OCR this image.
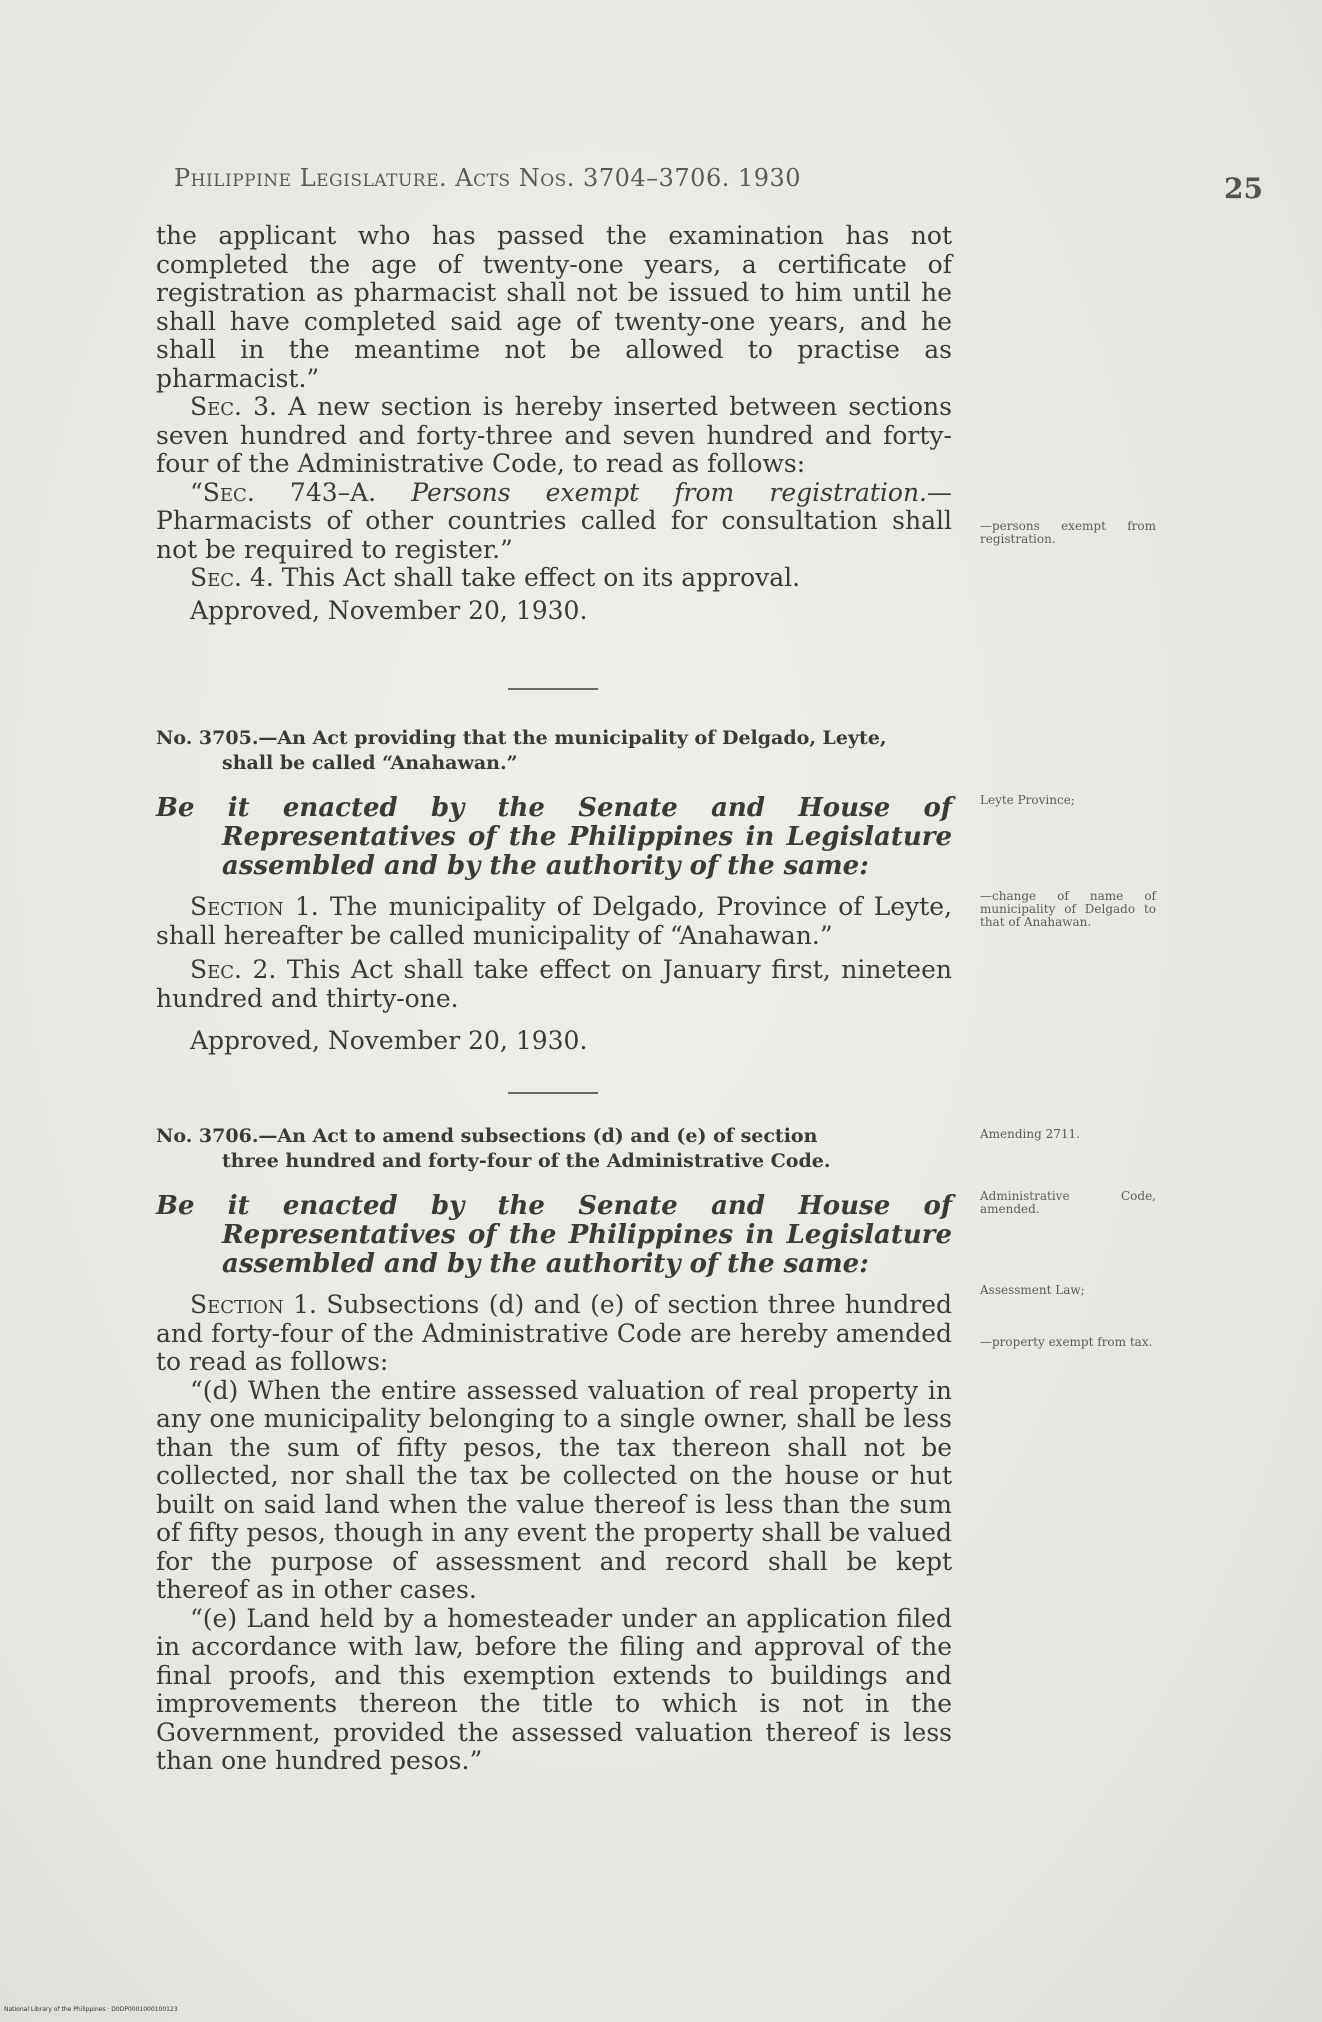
Philippine Legislature. Acts Nos. 3704–3706. 1930	25

the applicant who has passed the examination has not completed the age of twenty-one years, a certificate of registration as pharmacist shall not be issued to him until he shall have completed said age of twenty-one years, and he shall in the meantime not be allowed to practise as pharmacist.”

Sec. 3. A new section is hereby inserted between sections seven hundred and forty-three and seven hundred and forty-four of the Administrative Code, to read as follows:

“Sec. 743–A. Persons exempt from registration.—Pharmacists of other countries called for consultation shall not be required to register.”

Sec. 4. This Act shall take effect on its approval.

Approved, November 20, 1930.

No. 3705.—An Act providing that the municipality of Delgado, Leyte,
shall be called “Anahawan.”

Be it enacted by the Senate and House of Representatives of the Philippines in Legislature assembled and by the authority of the same:

Section 1. The municipality of Delgado, Province of Leyte, shall hereafter be called municipality of “Anahawan.”

Sec. 2. This Act shall take effect on January first, nineteen hundred and thirty-one.

Approved, November 20, 1930.

No. 3706.—An Act to amend subsections (d) and (e) of section
three hundred and forty-four of the Administrative Code.

Be it enacted by the Senate and House of Representatives of the Philippines in Legislature assembled and by the authority of the same:

Section 1. Subsections (d) and (e) of section three hundred and forty-four of the Administrative Code are hereby amended to read as follows:

“(d) When the entire assessed valuation of real property in any one municipality belonging to a single owner, shall be less than the sum of fifty pesos, the tax thereon shall not be collected, nor shall the tax be collected on the house or hut built on said land when the value thereof is less than the sum of fifty pesos, though in any event the property shall be valued for the purpose of assessment and record shall be kept thereof as in other cases.

“(e) Land held by a homesteader under an application filed in accordance with law, before the filing and approval of the final proofs, and this exemption extends to buildings and improvements thereon the title to which is not in the Government, provided the assessed valuation thereof is less than one hundred pesos.”

—persons exempt from registration.
Leyte Province;
—change of name of municipality of Delgado to that of Anahawan.
Amending 2711.
Administrative Code, amended.
Assessment Law;
—property exempt from tax.
National Library of the Philippines · D0DP0001000100123
